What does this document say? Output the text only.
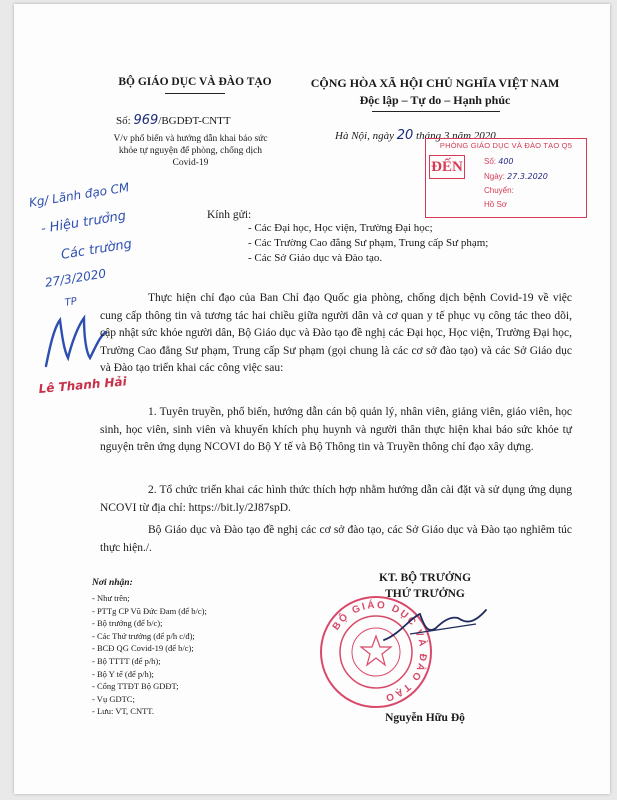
BỘ GIÁO DỤC VÀ ĐÀO TẠO	CỘNG HÒA XÃ HỘI CHỦ NGHĨA VIỆT NAM
Độc lập – Tự do – Hạnh phúc
Số: 969/BGDĐT-CNTT
V/v phổ biến và hướng dẫn khai báo sức
khỏe tự nguyện để phòng, chống dịch
Covid-19
Hà Nội, ngày 20 tháng 3 năm 2020
PHÒNG GIÁO DỤC VÀ ĐÀO TẠO Q5
ĐẾN	Số: 400
Ngày: 27.3.2020
Chuyển:
Hồ Sơ
Kg/ Lãnh đạo CM
- Hiệu trưởng
Các trường
27/3/2020
TP
Lê Thanh Hải
Kính gửi:
- Các Đại học, Học viện, Trường Đại học;
- Các Trường Cao đẳng Sư phạm, Trung cấp Sư phạm;
- Các Sở Giáo dục và Đào tạo.
Thực hiện chỉ đạo của Ban Chỉ đạo Quốc gia phòng, chống dịch bệnh Covid-19 về việc cung cấp thông tin và tương tác hai chiều giữa người dân và cơ quan y tế phục vụ công tác theo dõi, cập nhật sức khỏe người dân, Bộ Giáo dục và Đào tạo đề nghị các Đại học, Học viện, Trường Đại học, Trường Cao đẳng Sư phạm, Trung cấp Sư phạm (gọi chung là các cơ sở đào tạo) và các Sở Giáo dục và Đào tạo triển khai các công việc sau:
1. Tuyên truyền, phổ biến, hướng dẫn cán bộ quản lý, nhân viên, giảng viên, giáo viên, học sinh, học viên, sinh viên và khuyến khích phụ huynh và người thân thực hiện khai báo sức khỏe tự nguyện trên ứng dụng NCOVI do Bộ Y tế và Bộ Thông tin và Truyền thông chỉ đạo xây dựng.
2. Tổ chức triển khai các hình thức thích hợp nhằm hướng dẫn cài đặt và sử dụng ứng dụng NCOVI từ địa chỉ: https://bit.ly/2J87spD.
Bộ Giáo dục và Đào tạo đề nghị các cơ sở đào tạo, các Sở Giáo dục và Đào tạo nghiêm túc thực hiện./.
Nơi nhận:
- Như trên;
- PTTg CP Vũ Đức Đam (để b/c);
- Bộ trưởng (để b/c);
- Các Thứ trưởng (để p/h c/đ);
- BCĐ QG Covid-19 (để b/c);
- Bộ TTTT (để p/h);
- Bộ Y tế (để p/h);
- Cổng TTĐT Bộ GDĐT;
- Vụ GDTC;
- Lưu: VT, CNTT.
KT. BỘ TRƯỞNG
THỨ TRƯỞNG
BỘ GIÁO DỤC VÀ ĐÀO TẠO
Nguyễn Hữu Độ
